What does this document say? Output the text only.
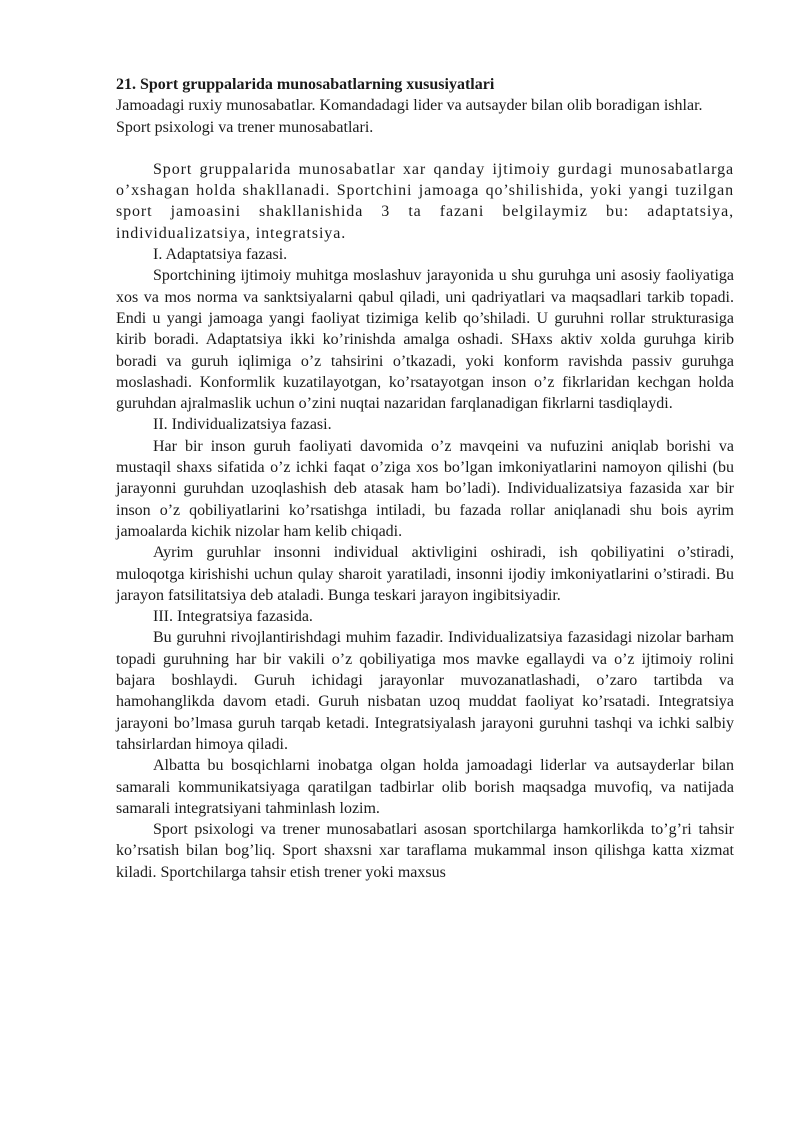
21. Sport gruppalarida munosabatlarning xususiyatlari

Jamoadagi ruxiy munosabatlar. Komandadagi lider va autsayder bilan olib boradigan ishlar. Sport psixologi va trener munosabatlari.

Sport gruppalarida munosabatlar xar qanday ijtimoiy gurdagi munosabatlarga o’xshagan holda shakllanadi. Sportchini jamoaga qo’shilishida, yoki yangi tuzilgan sport jamoasini shakllanishida 3 ta fazani belgilaymiz bu: adaptatsiya, individualizatsiya, integratsiya.

I. Adaptatsiya fazasi.

Sportchining ijtimoiy muhitga moslashuv jarayonida u shu guruhga uni asosiy faoliyatiga xos va mos norma va sanktsiyalarni qabul qiladi, uni qadriyatlari va maqsadlari tarkib topadi. Endi u yangi jamoaga yangi faoliyat tizimiga kelib qo’shiladi. U guruhni rollar strukturasiga kirib boradi. Adaptatsiya ikki ko’rinishda amalga oshadi. SHaxs aktiv xolda guruhga kirib boradi va guruh iqlimiga o’z tahsirini o’tkazadi, yoki konform ravishda passiv guruhga moslashadi. Konformlik kuzatilayotgan, ko’rsatayotgan inson o’z fikrlaridan kechgan holda guruhdan ajralmaslik uchun o’zini nuqtai nazaridan farqlanadigan fikrlarni tasdiqlaydi.

II. Individualizatsiya fazasi.

Har bir inson guruh faoliyati davomida o’z mavqeini va nufuzini aniqlab borishi va mustaqil shaxs sifatida o’z ichki faqat o’ziga xos bo’lgan imkoniyatlarini namoyon qilishi (bu jarayonni guruhdan uzoqlashish deb atasak ham bo’ladi). Individualizatsiya fazasida xar bir inson o’z qobiliyatlarini ko’rsatishga intiladi, bu fazada rollar aniqlanadi shu bois ayrim jamoalarda kichik nizolar ham kelib chiqadi.

Ayrim guruhlar insonni individual aktivligini oshiradi, ish qobiliyatini o’stiradi, muloqotga kirishishi uchun qulay sharoit yaratiladi, insonni ijodiy imkoniyatlarini o’stiradi. Bu jarayon fatsilitatsiya deb ataladi. Bunga teskari jarayon ingibitsiyadir.

III. Integratsiya fazasida.

Bu guruhni rivojlantirishdagi muhim fazadir. Individualizatsiya fazasidagi nizolar barham topadi guruhning har bir vakili o’z qobiliyatiga mos mavke egallaydi va o’z ijtimoiy rolini bajara boshlaydi. Guruh ichidagi jarayonlar muvozanatlashadi, o’zaro tartibda va hamohanglikda davom etadi. Guruh nisbatan uzoq muddat faoliyat ko’rsatadi. Integratsiya jarayoni bo’lmasa guruh tarqab ketadi. Integratsiyalash jarayoni guruhni tashqi va ichki salbiy tahsirlardan himoya qiladi.

Albatta bu bosqichlarni inobatga olgan holda jamoadagi liderlar va autsayderlar bilan samarali kommunikatsiyaga qaratilgan tadbirlar olib borish maqsadga muvofiq, va natijada samarali integratsiyani tahminlash lozim.

Sport psixologi va trener munosabatlari asosan sportchilarga hamkorlikda to’g’ri tahsir ko’rsatish bilan bog’liq. Sport shaxsni xar taraflama mukammal inson qilishga katta xizmat kiladi. Sportchilarga tahsir etish trener yoki maxsus
